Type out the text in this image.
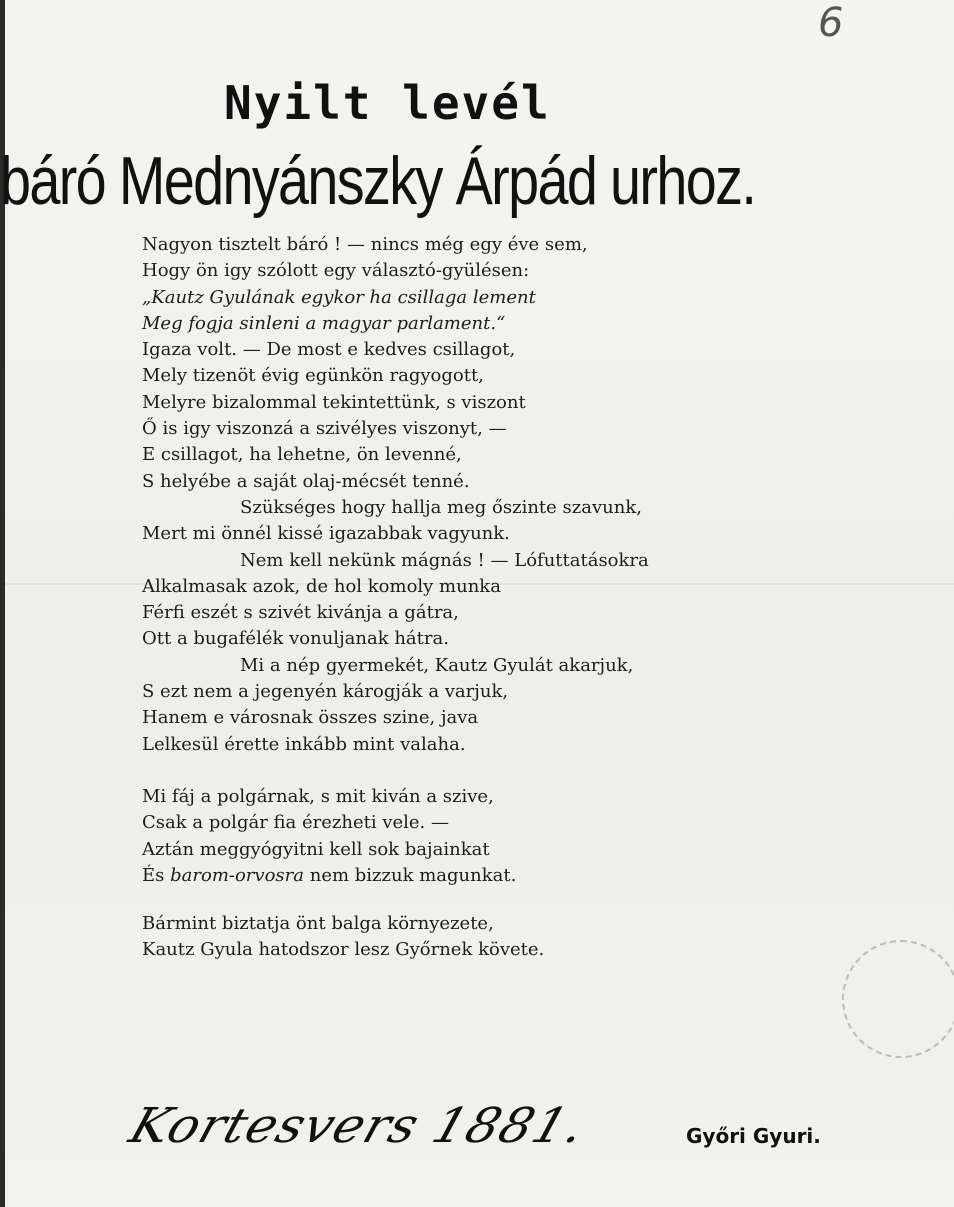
6
Nyilt levél
báró Mednyánszky Árpád urhoz.
Nagyon tisztelt báró ! — nincs még egy éve sem,
Hogy ön igy szólott egy választó-gyülésen:
„Kautz Gyulának egykor ha csillaga lement
Meg fogja sinleni a magyar parlament.“
Igaza volt. — De most e kedves csillagot,
Mely tizenöt évig egünkön ragyogott,
Melyre bizalommal tekintettünk, s viszont
Ő is igy viszonzá a szivélyes viszonyt, —
E csillagot, ha lehetne, ön levenné,
S helyébe a saját olaj-mécsét tenné.
Szükséges hogy hallja meg őszinte szavunk,
Mert mi önnél kissé igazabbak vagyunk.
Nem kell nekünk mágnás ! — Lófuttatásokra
Alkalmasak azok, de hol komoly munka
Férfi eszét s szivét kivánja a gátra,
Ott a bugafélék vonuljanak hátra.
Mi a nép gyermekét, Kautz Gyulát akarjuk,
S ezt nem a jegenyén károgják a varjuk,
Hanem e városnak összes szine, java
Lelkesül érette inkább mint valaha.
Mi fáj a polgárnak, s mit kiván a szive,
Csak a polgár fia érezheti vele. —
Aztán meggyógyitni kell sok bajainkat
És barom-orvosra nem bizzuk magunkat.
Bármint biztatja önt balga környezete,
Kautz Gyula hatodszor lesz Győrnek követe.
Kortesvers 1881.	Győri Gyuri.
